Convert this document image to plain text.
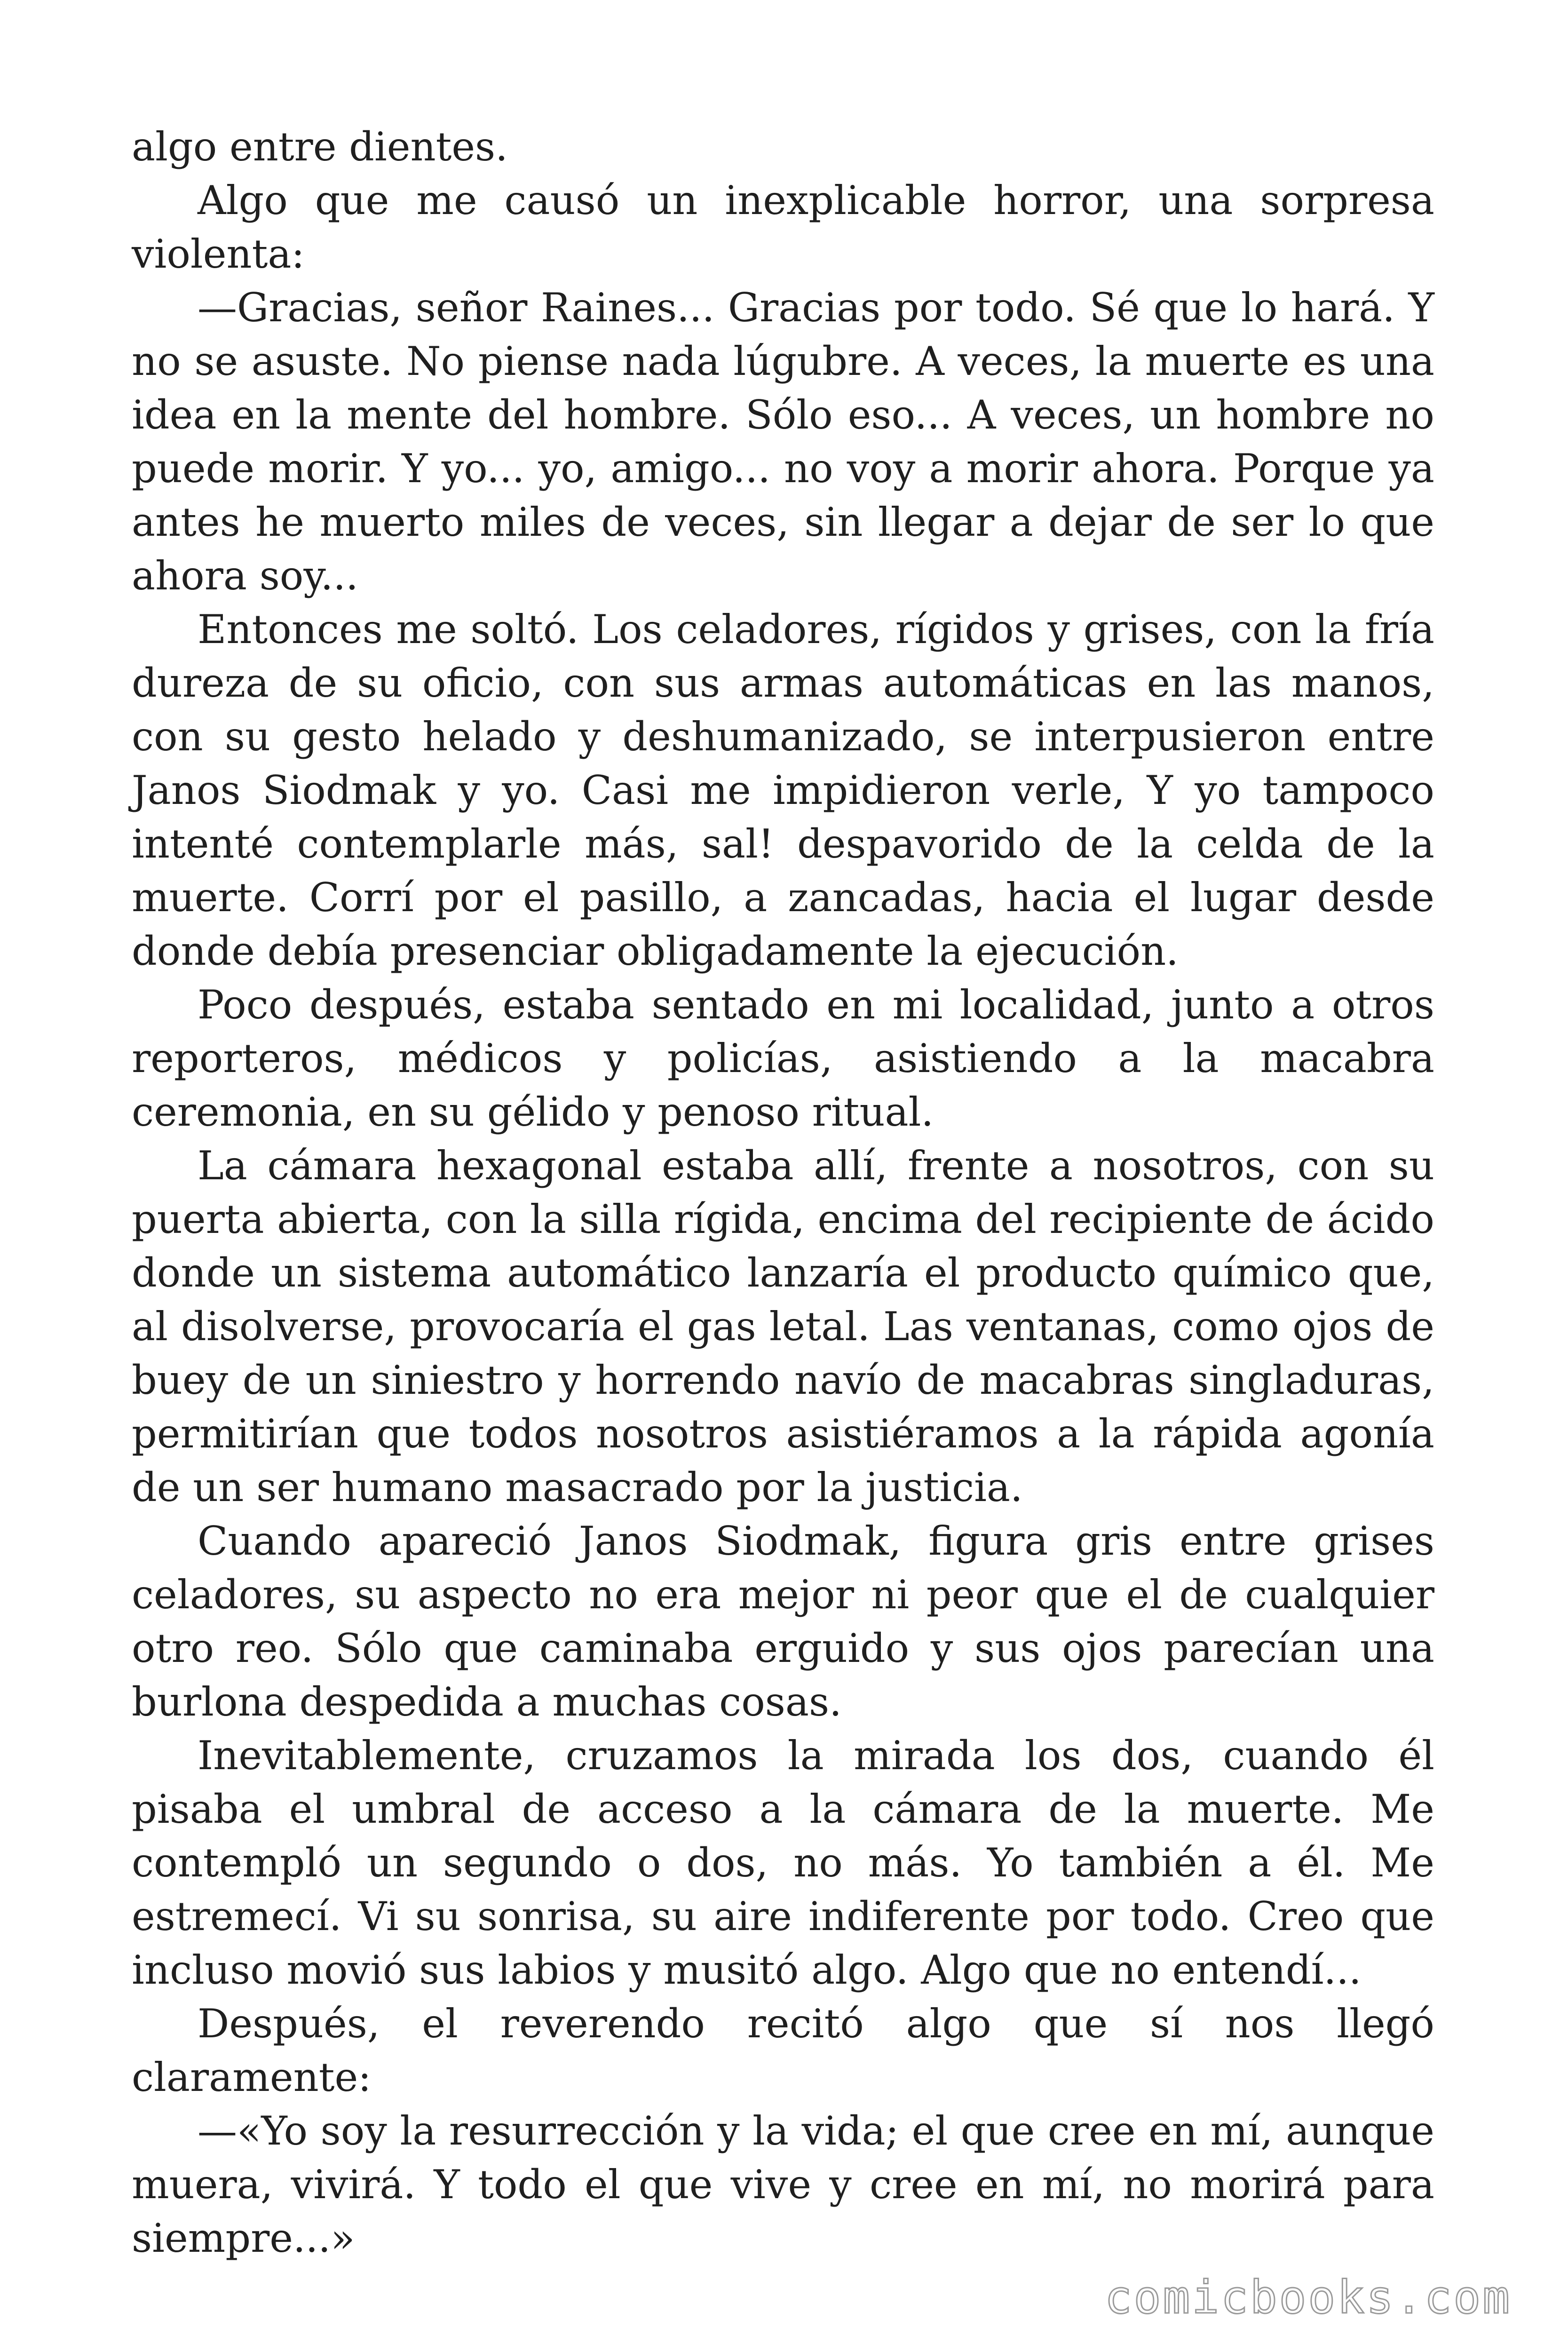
algo entre dientes.

Algo que me causó un inexplicable horror, una sorpresa violenta:

—Gracias, señor Raines... Gracias por todo. Sé que lo hará. Y no se asuste. No piense nada lúgubre. A veces, la muerte es una idea en la mente del hombre. Sólo eso... A veces, un hombre no puede morir. Y yo... yo, amigo... no voy a morir ahora. Porque ya antes he muerto miles de veces, sin llegar a dejar de ser lo que ahora soy...

Entonces me soltó. Los celadores, rígidos y grises, con la fría dureza de su oficio, con sus armas automáticas en las manos, con su gesto helado y deshumanizado, se interpusieron entre Janos Siodmak y yo. Casi me impidieron verle, Y yo tampoco intenté contemplarle más, sal! despavorido de la celda de la muerte. Corrí por el pasillo, a zancadas, hacia el lugar desde donde debía presenciar obligadamente la ejecución.

Poco después, estaba sentado en mi localidad, junto a otros reporteros, médicos y policías, asistiendo a la macabra ceremonia, en su gélido y penoso ritual.

La cámara hexagonal estaba allí, frente a nosotros, con su puerta abierta, con la silla rígida, encima del recipiente de ácido donde un sistema automático lanzaría el producto químico que, al disolverse, provocaría el gas letal. Las ventanas, como ojos de buey de un siniestro y horrendo navío de macabras singladuras, permitirían que todos nosotros asistiéramos a la rápida agonía de un ser humano masacrado por la justicia.

Cuando apareció Janos Siodmak, figura gris entre grises celadores, su aspecto no era mejor ni peor que el de cualquier otro reo. Sólo que caminaba erguido y sus ojos parecían una burlona despedida a muchas cosas.

Inevitablemente, cruzamos la mirada los dos, cuando él pisaba el umbral de acceso a la cámara de la muerte. Me contempló un segundo o dos, no más. Yo también a él. Me estremecí. Vi su sonrisa, su aire indiferente por todo. Creo que incluso movió sus labios y musitó algo. Algo que no entendí...

Después, el reverendo recitó algo que sí nos llegó claramente:

—«Yo soy la resurrección y la vida; el que cree en mí, aunque muera, vivirá. Y todo el que vive y cree en mí, no morirá para siempre...»

comicbooks.com
